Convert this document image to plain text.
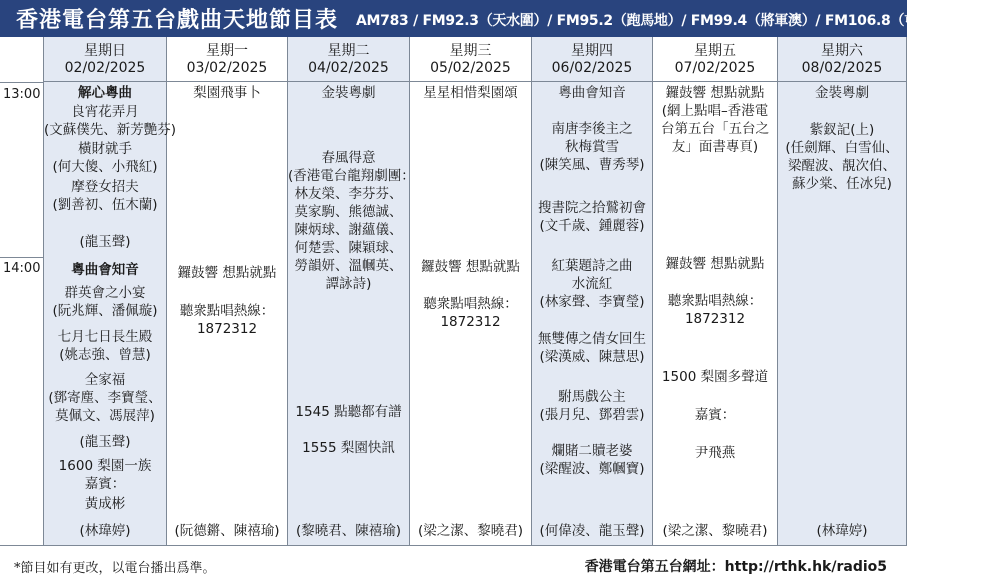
香港電台第五台戲曲天地節目表 AM783 / FM92.3（天水圍）/ FM95.2（跑馬地）/ FM99.4（將軍澳）/ FM106.8（屯門、元朗）
13:00
14:00
星期日
02/02/2025
解心粵曲
良宵花弄月
(文蘇僕先、新芳艷芬)
橫財就手
(何大傻、小飛紅)
摩登女招夫
(劉善初、伍木蘭)
(龍玉聲)
粵曲會知音
群英會之小宴
(阮兆輝、潘佩璇)
七月七日長生殿
(姚志強、曾慧)
全家福
(鄧寄塵、李寶瑩、
莫佩文、馮展萍)
(龍玉聲)
1600 梨園一族
嘉賓：
黃成彬
(林瑋婷)
星期一
03/02/2025
梨園飛事卜
鑼鼓響 想點就點
聽衆點唱熱線：
1872312
(阮德鏘、陳禧瑜)
星期二
04/02/2025
金裝粵劇
春風得意
(香港電台龍翔劇團：
林友榮、李芬芬、
莫家駒、熊德誠、
陳炳球、謝蘊儀、
何楚雲、陳穎球、
勞韻妍、溫幗英、
譚詠詩)
1545 點聽都有譜
1555 梨園快訊
(黎曉君、陳禧瑜)
星期三
05/02/2025
星星相惜梨園頌
鑼鼓響 想點就點
聽衆點唱熱線：
1872312
(梁之潔、黎曉君)
星期四
06/02/2025
粵曲會知音
南唐李後主之
秋梅賞雪
(陳笑風、曹秀琴)
搜書院之拾鷲初會
(文千歲、鍾麗蓉)
紅葉題詩之曲
水流紅
(林家聲、李寶瑩)
無雙傳之倩女回生
(梁漢威、陳慧思)
駙馬戲公主
(張月兒、鄧碧雲)
爛賭二贖老婆
(梁醒波、鄭幗寶)
(何偉凌、龍玉聲)
星期五
07/02/2025
鑼鼓響 想點就點
(網上點唱–香港電
台第五台「五台之
友」面書專頁)
鑼鼓響 想點就點
聽衆點唱熱線：
1872312
1500 梨園多聲道
嘉賓：
尹飛燕
(梁之潔、黎曉君)
星期六
08/02/2025
金裝粵劇
紫釵記(上)
(任劍輝、白雪仙、
梁醒波、靚次伯、
蘇少棠、任冰兒)
(林瑋婷)
*節目如有更改，以電台播出爲準。	香港電台第五台網址：http://rthk.hk/radio5
